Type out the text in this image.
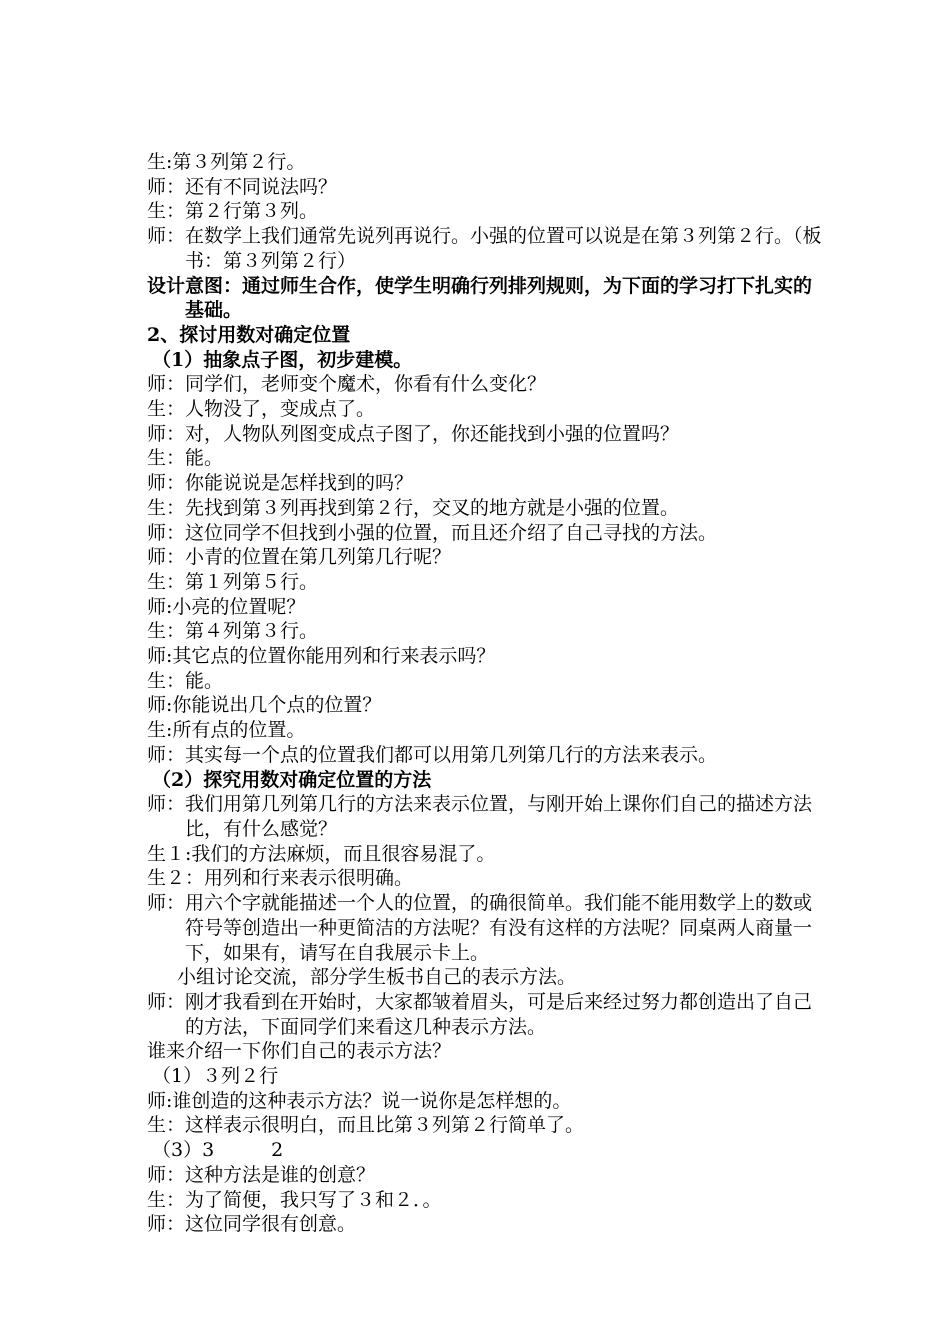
生:第３列第２行。

师：还有不同说法吗？

生：第２行第３列。

师：在数学上我们通常先说列再说行。小强的位置可以说是在第３列第２行。（板书：第３列第２行）

设计意图：通过师生合作，使学生明确行列排列规则，为下面的学习打下扎实的基础。

2、探讨用数对确定位置

（1）抽象点子图，初步建模。

师：同学们，老师变个魔术，你看有什么变化？

生：人物没了，变成点了。

师：对，人物队列图变成点子图了，你还能找到小强的位置吗？

生：能。

师：你能说说是怎样找到的吗？

生：先找到第３列再找到第２行，交叉的地方就是小强的位置。

师：这位同学不但找到小强的位置，而且还介绍了自己寻找的方法。

师：小青的位置在第几列第几行呢？

生：第１列第５行。

师:小亮的位置呢？

生：第４列第３行。

师:其它点的位置你能用列和行来表示吗？

生：能。

师:你能说出几个点的位置？

生:所有点的位置。

师：其实每一个点的位置我们都可以用第几列第几行的方法来表示。

（2）探究用数对确定位置的方法

师：我们用第几列第几行的方法来表示位置，与刚开始上课你们自己的描述方法比，有什么感觉？

生１:我们的方法麻烦，而且很容易混了。

生２：用列和行来表示很明确。

师：用六个字就能描述一个人的位置，的确很简单。我们能不能用数学上的数或符号等创造出一种更简洁的方法呢？有没有这样的方法呢？同桌两人商量一下，如果有，请写在自我展示卡上。

小组讨论交流，部分学生板书自己的表示方法。

师：刚才我看到在开始时，大家都皱着眉头，可是后来经过努力都创造出了自己的方法，下面同学们来看这几种表示方法。

谁来介绍一下你们自己的表示方法？

（1）３列２行

师:谁创造的这种表示方法？说一说你是怎样想的。

生：这样表示很明白，而且比第３列第２行简单了。

（3）3　　　2

师：这种方法是谁的创意？

生：为了简便，我只写了３和２．。

师：这位同学很有创意。
